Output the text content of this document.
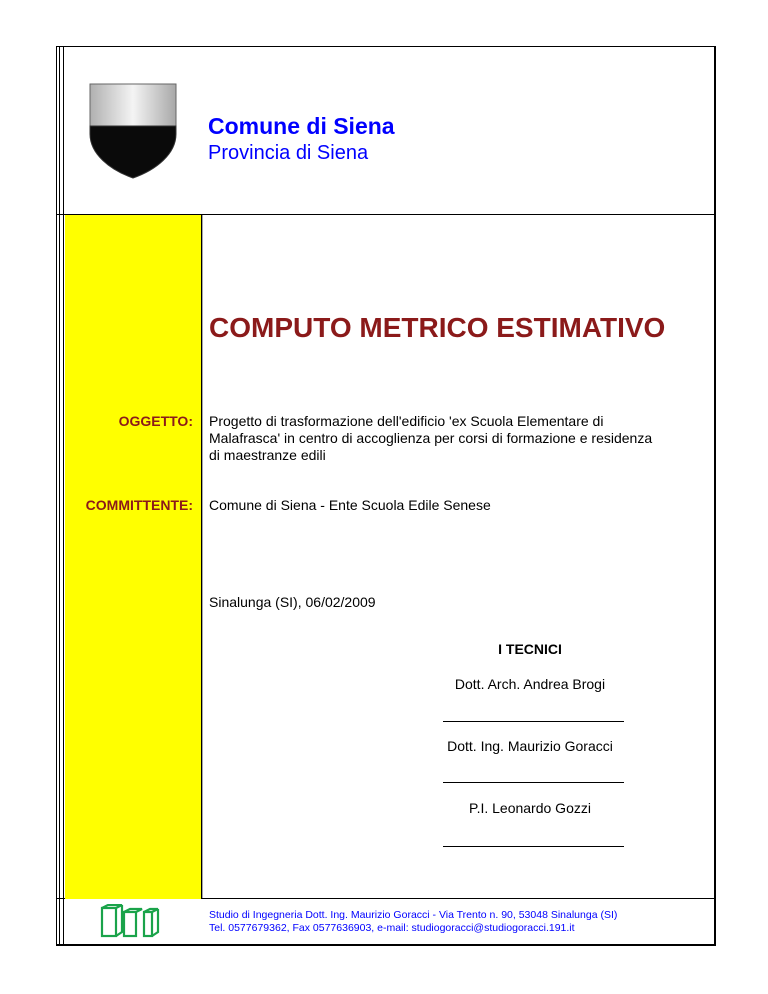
Comune di Siena
Provincia di Siena
COMPUTO METRICO ESTIMATIVO
OGGETTO: Progetto di trasformazione dell'edificio 'ex Scuola Elementare di
Malafrasca' in centro di accoglienza per corsi di formazione e residenza
di maestranze edili
COMMITTENTE: Comune di Siena - Ente Scuola Edile Senese
Sinalunga (SI), 06/02/2009
I TECNICI
Dott. Arch. Andrea Brogi
Dott. Ing. Maurizio Goracci
P.I. Leonardo Gozzi
Studio di Ingegneria Dott. Ing. Maurizio Goracci - Via Trento n. 90, 53048 Sinalunga (SI)
Tel. 0577679362, Fax 0577636903, e-mail: studiogoracci@studiogoracci.191.it
